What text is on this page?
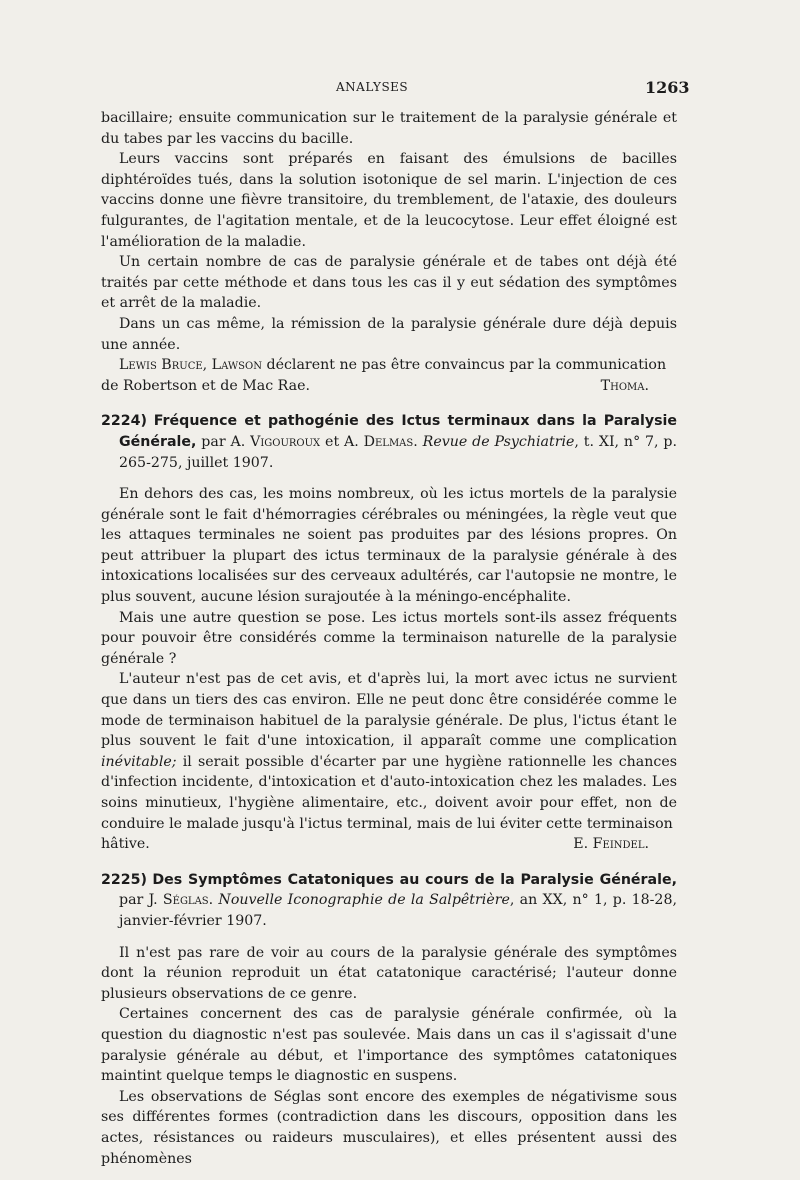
ANALYSES	1263

bacillaire; ensuite communication sur le traitement de la paralysie générale et du tabes par les vaccins du bacille.

Leurs vaccins sont préparés en faisant des émulsions de bacilles diphtéroïdes tués, dans la solution isotonique de sel marin. L'injection de ces vaccins donne une fièvre transitoire, du tremblement, de l'ataxie, des douleurs fulgurantes, de l'agitation mentale, et de la leucocytose. Leur effet éloigné est l'amélioration de la maladie.

Un certain nombre de cas de paralysie générale et de tabes ont déjà été traités par cette méthode et dans tous les cas il y eut sédation des symptômes et arrêt de la maladie.

Dans un cas même, la rémission de la paralysie générale dure déjà depuis une année.

Lewis Bruce, Lawson déclarent ne pas être convaincus par la communication

de Robertson et de Mac Rae.	Thoma.

2224) Fréquence et pathogénie des Ictus terminaux dans la Paralysie Générale, par A. Vigouroux et A. Delmas. Revue de Psychiatrie, t. XI, n° 7, p. 265-275, juillet 1907.

En dehors des cas, les moins nombreux, où les ictus mortels de la paralysie générale sont le fait d'hémorragies cérébrales ou méningées, la règle veut que les attaques terminales ne soient pas produites par des lésions propres. On peut attribuer la plupart des ictus terminaux de la paralysie générale à des intoxications localisées sur des cerveaux adultérés, car l'autopsie ne montre, le plus souvent, aucune lésion surajoutée à la méningo-encéphalite.

Mais une autre question se pose. Les ictus mortels sont-ils assez fréquents pour pouvoir être considérés comme la terminaison naturelle de la paralysie générale ?

L'auteur n'est pas de cet avis, et d'après lui, la mort avec ictus ne survient que dans un tiers des cas environ. Elle ne peut donc être considérée comme le mode de terminaison habituel de la paralysie générale. De plus, l'ictus étant le plus souvent le fait d'une intoxication, il apparaît comme une complication inévitable; il serait possible d'écarter par une hygiène rationnelle les chances d'infection incidente, d'intoxication et d'auto-intoxication chez les malades. Les soins minutieux, l'hygiène alimentaire, etc., doivent avoir pour effet, non de conduire le malade jusqu'à l'ictus terminal, mais de lui éviter cette terminaison

hâtive.	E. Feindel.

2225) Des Symptômes Catatoniques au cours de la Paralysie Générale, par J. Séglas. Nouvelle Iconographie de la Salpêtrière, an XX, n° 1, p. 18-28, janvier-février 1907.

Il n'est pas rare de voir au cours de la paralysie générale des symptômes dont la réunion reproduit un état catatonique caractérisé; l'auteur donne plusieurs observations de ce genre.

Certaines concernent des cas de paralysie générale confirmée, où la question du diagnostic n'est pas soulevée. Mais dans un cas il s'agissait d'une paralysie générale au début, et l'importance des symptômes catatoniques maintint quelque temps le diagnostic en suspens.

Les observations de Séglas sont encore des exemples de négativisme sous ses différentes formes (contradiction dans les discours, opposition dans les actes, résistances ou raideurs musculaires), et elles présentent aussi des phénomènes
